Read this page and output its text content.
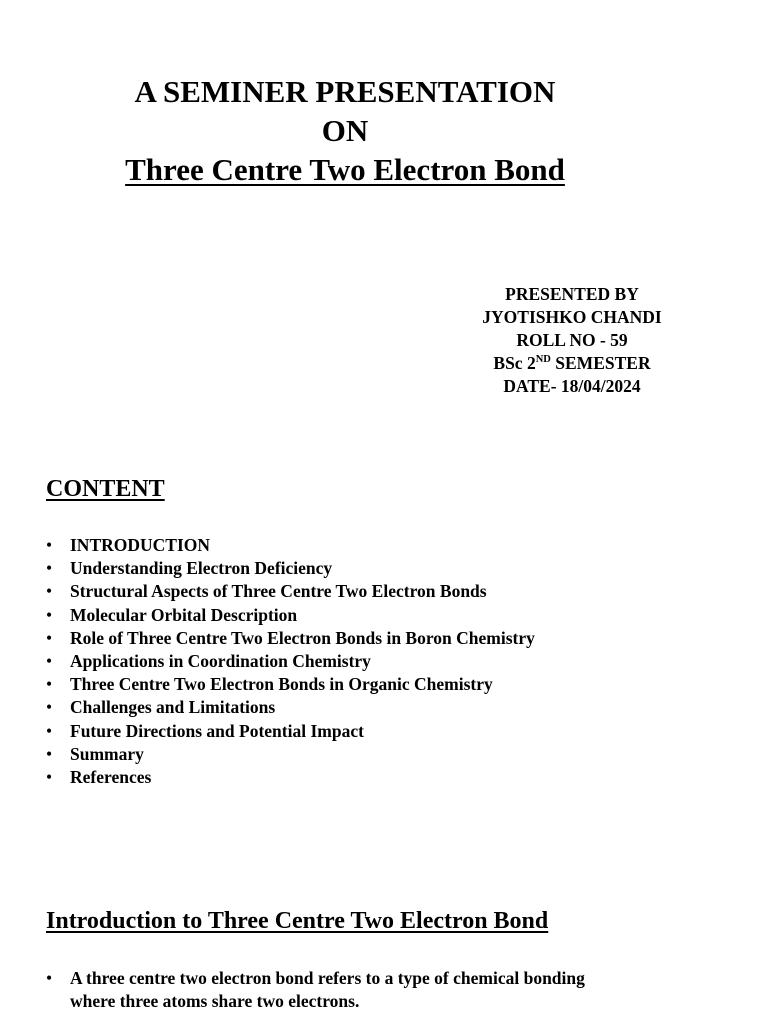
A SEMINER PRESENTATION
ON
Three Centre Two Electron Bond
PRESENTED BY
JYOTISHKO CHANDI
ROLL NO - 59
BSc 2ND SEMESTER
DATE- 18/04/2024
CONTENT
• INTRODUCTION
• Understanding Electron Deficiency
• Structural Aspects of Three Centre Two Electron Bonds
• Molecular Orbital Description
• Role of Three Centre Two Electron Bonds in Boron Chemistry
• Applications in Coordination Chemistry
• Three Centre Two Electron Bonds in Organic Chemistry
• Challenges and Limitations
• Future Directions and Potential Impact
• Summary
• References
Introduction to Three Centre Two Electron Bond
• A three centre two electron bond refers to a type of chemical bonding where three atoms share two electrons.
